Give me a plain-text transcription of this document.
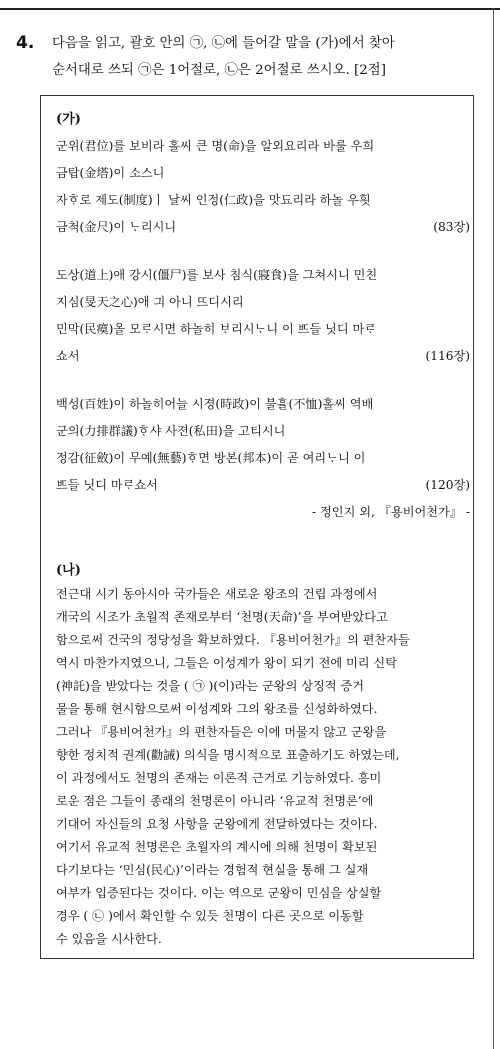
4. 다음을 읽고, 괄호 안의 ㉠, ㉡에 들어갈 말을 (가)에서 찾아
순서대로 쓰되 ㉠은 1어절로, ㉡은 2어절로 쓰시오. [2점]
(가)
군위(君位)를 보비라 홀씨 큰 명(命)을 알외요리라 바룰 우희
금탑(金塔)이 소스니
자ᄒᆞ로 제도(制度)ㅣ 날씨 인정(仁政)을 맛됴리라 하놀 우흿
금척(金尺)이 ᄂᆞ리시니	(83장)
도상(道上)애 강시(僵尸)를 보사 침식(寢食)을 그쳐시니 민친
지심(旻天之心)애 긔 아니 뜨디시리
민막(民瘼)올 모ᄅᆞ시면 하놀히 ᄇᆞ리시ᄂᆞ니 이 ᄠᅳ들 닛디 마ᄅᆞ
쇼서	(116장)
백성(百姓)이 하놀히어늘 시졍(時政)이 불휼(不恤)홀씨 역배
군의(力排群議)ᄒᆞ샤 사젼(私田)을 고티시니
정감(征斂)이 무예(無藝)ᄒᆞ면 방본(邦本)이 곧 여리ᄂᆞ니 이
ᄠᅳ들 닛디 마ᄅᆞ쇼서	(120장)
- 정인지 외, 『용비어천가』 -
(나)
전근대 시기 동아시아 국가들은 새로운 왕조의 건립 과정에서
개국의 시조가 초월적 존재로부터 ‘천명(天命)’을 부여받았다고
함으로써 건국의 정당성을 확보하였다. 『용비어천가』의 편찬자들
역시 마찬가지였으니, 그들은 이성계가 왕이 되기 전에 미리 신탁
(神託)을 받았다는 것을 ( ㉠ )(이)라는 군왕의 상징적 증거
물을 통해 현시함으로써 이성계와 그의 왕조를 신성화하였다.
그러나 『용비어천가』의 편찬자들은 이에 머물지 않고 군왕을
향한 정치적 권계(勸誡) 의식을 명시적으로 표출하기도 하였는데,
이 과정에서도 천명의 존재는 이론적 근거로 기능하였다. 흥미
로운 점은 그들이 종래의 천명론이 아니라 ‘유교적 천명론’에
기대어 자신들의 요청 사항을 군왕에게 전달하였다는 것이다.
여기서 유교적 천명론은 초월자의 계시에 의해 천명이 확보된
다기보다는 ‘민심(民心)’이라는 경험적 현실을 통해 그 실재
여부가 입증된다는 것이다. 이는 역으로 군왕이 민심을 상실할
경우 ( ㉡ )에서 확인할 수 있듯 천명이 다른 곳으로 이동할
수 있음을 시사한다.
